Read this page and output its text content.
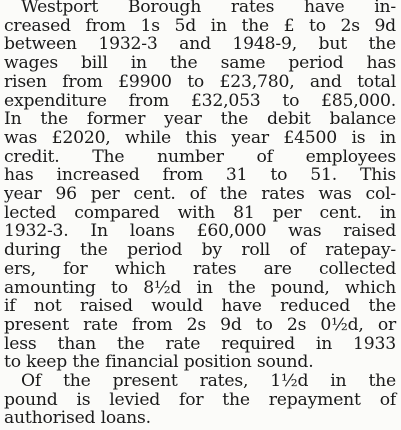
Westport Borough rates have in-
creased from 1s 5d in the £ to 2s 9d
between 1932-3 and 1948-9, but the
wages bill in the same period has
risen from £9900 to £23,780, and total
expenditure from £32,053 to £85,000.
In the former year the debit balance
was £2020, while this year £4500 is in
credit. The number of employees
has increased from 31 to 51. This
year 96 per cent. of the rates was col-
lected compared with 81 per cent. in
1932-3. In loans £60,000 was raised
during the period by roll of ratepay-
ers, for which rates are collected
amounting to 8½d in the pound, which
if not raised would have reduced the
present rate from 2s 9d to 2s 0½d, or
less than the rate required in 1933
to keep the financial position sound.
Of the present rates, 1½d in the
pound is levied for the repayment of
authorised loans.
